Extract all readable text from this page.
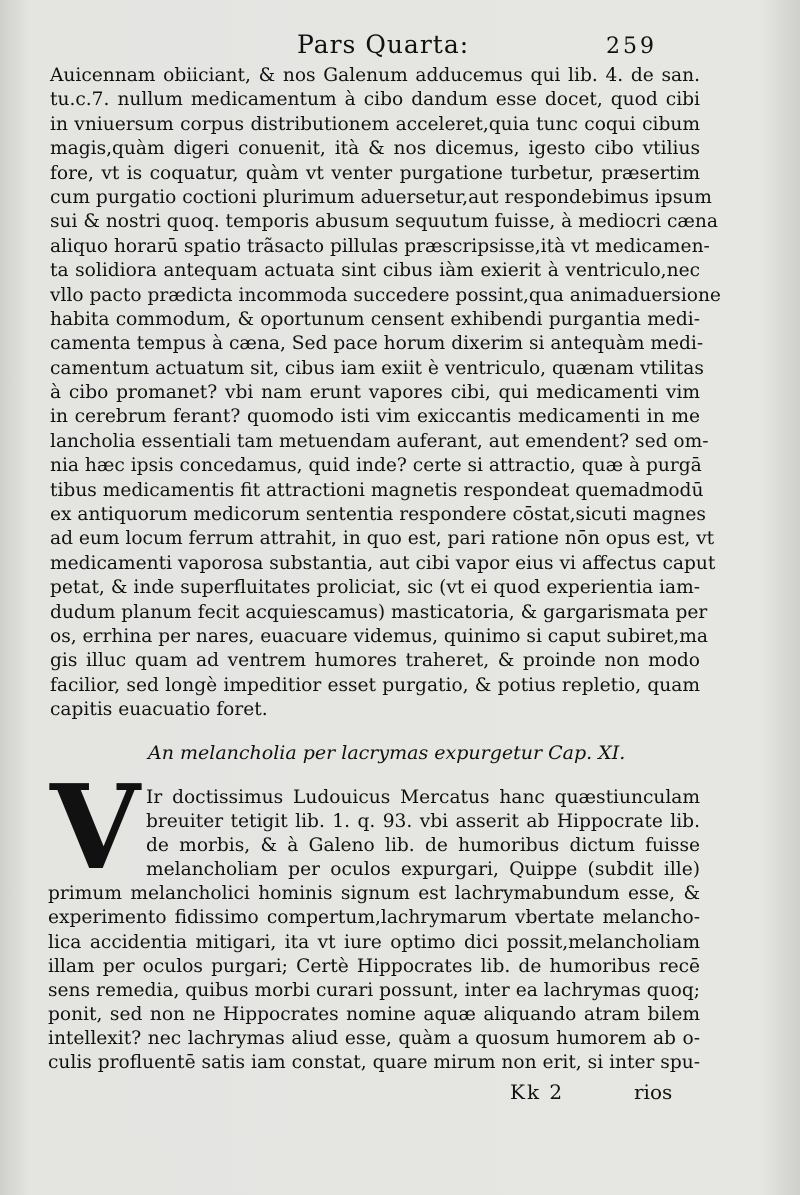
Pars Quarta:	259
Auicennam obiiciant, & nos Galenum adducemus qui lib. 4. de san.
tu.c.7. nullum medicamentum à cibo dandum esse docet, quod cibi
in vniuersum corpus distributionem acceleret,quia tunc coqui cibum
magis,quàm digeri conuenit, ità & nos dicemus, igesto cibo vtilius
fore, vt is coquatur, quàm vt venter purgatione turbetur, præsertim
cum purgatio coctioni plurimum aduersetur,aut respondebimus ipsum
sui & nostri quoq. temporis abusum sequutum fuisse, à mediocri cæna
aliquo horarū spatio trãsacto pillulas præscripsisse,ità vt medicamen-
ta solidiora antequam actuata sint cibus iàm exierit à ventriculo,nec
vllo pacto prædicta incommoda succedere possint,qua animaduersione
habita commodum, & oportunum censent exhibendi purgantia medi-
camenta tempus à cæna, Sed pace horum dixerim si antequàm medi-
camentum actuatum sit, cibus iam exiit è ventriculo, quænam vtilitas
à cibo promanet? vbi nam erunt vapores cibi, qui medicamenti vim
in cerebrum ferant? quomodo isti vim exiccantis medicamenti in me
lancholia essentiali tam metuendam auferant, aut emendent? sed om-
nia hæc ipsis concedamus, quid inde? certe si attractio, quæ à purgā
tibus medicamentis fit attractioni magnetis respondeat quemadmodū
ex antiquorum medicorum sententia respondere cōstat,sicuti magnes
ad eum locum ferrum attrahit, in quo est, pari ratione nōn opus est, vt
medicamenti vaporosa substantia, aut cibi vapor eius vi affectus caput
petat, & inde superfluitates proliciat, sic (vt ei quod experientia iam-
dudum planum fecit acquiescamus) masticatoria, & gargarismata per
os, errhina per nares, euacuare videmus, quinimo si caput subiret,ma
gis illuc quam ad ventrem humores traheret, & proinde non modo
facilior, sed longè impeditior esset purgatio, & potius repletio, quam
capitis euacuatio foret.
An melancholia per lacrymas expurgetur Cap. XI.
V Ir doctissimus Ludouicus Mercatus hanc quæstiunculam
breuiter tetigit lib. 1. q. 93. vbi asserit ab Hippocrate lib.
de morbis, & à Galeno lib. de humoribus dictum fuisse
melancholiam per oculos expurgari, Quippe (subdit ille)
primum melancholici hominis signum est lachrymabundum esse, &
experimento fidissimo compertum,lachrymarum vbertate melancho-
lica accidentia mitigari, ita vt iure optimo dici possit,melancholiam
illam per oculos purgari; Certè Hippocrates lib. de humoribus recē
sens remedia, quibus morbi curari possunt, inter ea lachrymas quoq;
ponit, sed non ne Hippocrates nomine aquæ aliquando atram bilem
intellexit? nec lachrymas aliud esse, quàm a quosum humorem ab o-
culis profluentē satis iam constat, quare mirum non erit, si inter spu-
Kk 2	rios
